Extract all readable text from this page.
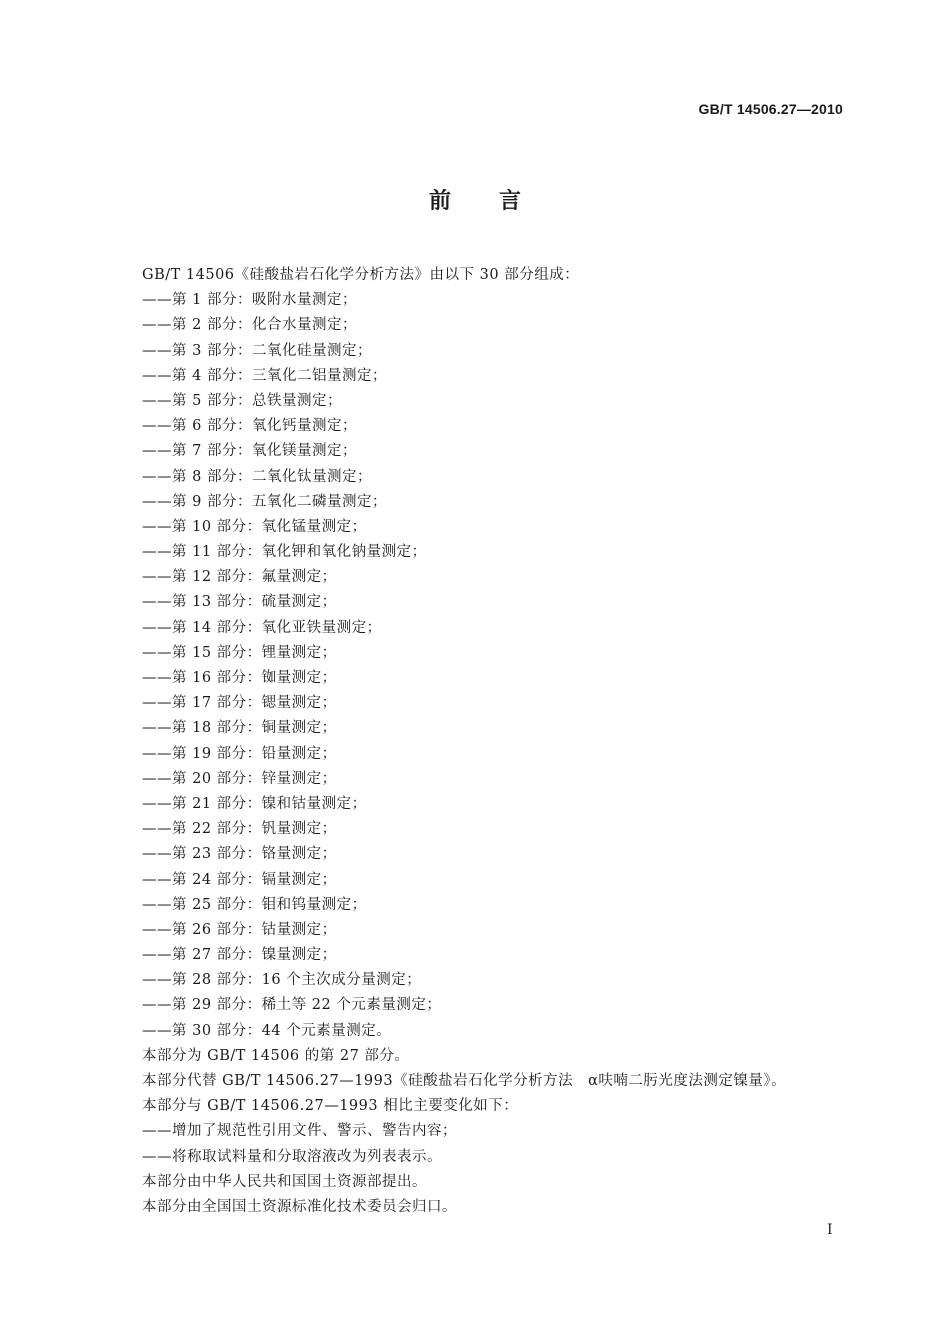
GB/T 14506.27—2010
前言
GB/T 14506《硅酸盐岩石化学分析方法》由以下 30 部分组成：
——第 1 部分：吸附水量测定；
——第 2 部分：化合水量测定；
——第 3 部分：二氧化硅量测定；
——第 4 部分：三氧化二铝量测定；
——第 5 部分：总铁量测定；
——第 6 部分：氧化钙量测定；
——第 7 部分：氧化镁量测定；
——第 8 部分：二氧化钛量测定；
——第 9 部分：五氧化二磷量测定；
——第 10 部分：氧化锰量测定；
——第 11 部分：氧化钾和氧化钠量测定；
——第 12 部分：氟量测定；
——第 13 部分：硫量测定；
——第 14 部分：氧化亚铁量测定；
——第 15 部分：锂量测定；
——第 16 部分：铷量测定；
——第 17 部分：锶量测定；
——第 18 部分：铜量测定；
——第 19 部分：铅量测定；
——第 20 部分：锌量测定；
——第 21 部分：镍和钴量测定；
——第 22 部分：钒量测定；
——第 23 部分：铬量测定；
——第 24 部分：镉量测定；
——第 25 部分：钼和钨量测定；
——第 26 部分：钴量测定；
——第 27 部分：镍量测定；
——第 28 部分：16 个主次成分量测定；
——第 29 部分：稀土等 22 个元素量测定；
——第 30 部分：44 个元素量测定。
本部分为 GB/T 14506 的第 27 部分。
本部分代替 GB/T 14506.27—1993《硅酸盐岩石化学分析方法　α呋喃二肟光度法测定镍量》。
本部分与 GB/T 14506.27—1993 相比主要变化如下：
——增加了规范性引用文件、警示、警告内容；
——将称取试料量和分取溶液改为列表表示。
本部分由中华人民共和国国土资源部提出。
本部分由全国国土资源标准化技术委员会归口。
I
